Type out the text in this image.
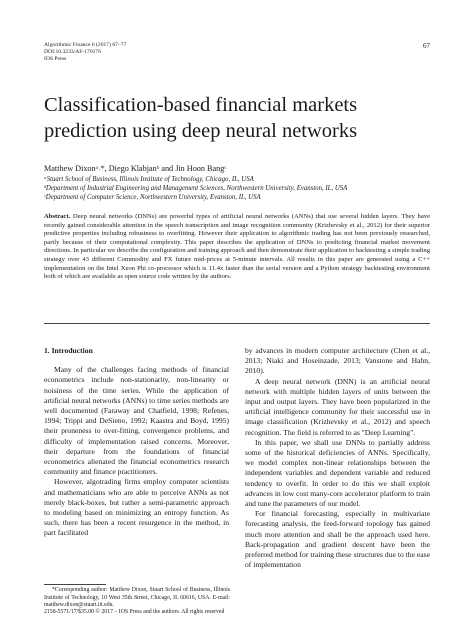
Algorithmic Finance 6 (2017) 67–77
DOI:10.3233/AF-170176
IOS Press
67
Classification-based financial markets prediction using deep neural networks
Matthew Dixonᵃ˒*, Diego Klabjanᵇ and Jin Hoon Bangᶜ
ᵃStuart School of Business, Illinois Institute of Technology, Chicago, IL, USA
ᵇDepartment of Industrial Engineering and Management Sciences, Northwestern University, Evanston, IL, USA
ᶜDepartment of Computer Science, Northwestern University, Evanston, IL, USA

Abstract. Deep neural networks (DNNs) are powerful types of artificial neural networks (ANNs) that use several hidden layers. They have recently gained considerable attention in the speech transcription and image recognition community (Krizhevsky et al., 2012) for their superior predictive properties including robustness to overfitting. However their application to algorithmic trading has not been previously researched, partly because of their computational complexity. This paper describes the application of DNNs to predicting financial market movement directions. In particular we describe the configuration and training approach and then demonstrate their application to backtesting a simple trading strategy over 43 different Commodity and FX future mid-prices at 5-minute intervals. All results in this paper are generated using a C++ implementation on the Intel Xeon Phi co-processor which is 11.4x faster than the serial version and a Python strategy backtesting environment both of which are available as open source code written by the authors.

1. Introduction

Many of the challenges facing methods of financial econometrics include non-stationarity, non-linearity or noisiness of the time series. While the application of artificial neural networks (ANNs) to time series methods are well documented (Faraway and Chatfield, 1998; Refenes, 1994; Trippi and DeSieno, 1992; Kaastra and Boyd, 1995) their proneness to over-fitting, convergence problems, and difficulty of implementation raised concerns. Moreover, their departure from the foundations of financial econometrics alienated the financial econometrics research community and finance practitioners.

However, algotrading firms employ computer scientists and mathematicians who are able to perceive ANNs as not merely black-boxes, but rather a semi-parametric approach to modeling based on minimizing an entropy function. As such, there has been a recent resurgence in the method, in part facilitated

by advances in modern computer architecture (Chen et al., 2013; Niaki and Hoseinzade, 2013; Vanstone and Hahn, 2010).

A deep neural network (DNN) is an artificial neural network with multiple hidden layers of units between the input and output layers. They have been popularized in the artificial intelligence community for their successful use in image classification (Krizhevsky et al., 2012) and speech recognition. The field is referred to as "Deep Learning".

In this paper, we shall use DNNs to partially address some of the historical deficiencies of ANNs. Specifically, we model complex non-linear relationships between the independent variables and dependent variable and reduced tendency to overfit. In order to do this we shall exploit advances in low cost many-core accelerator platform to train and tune the parameters of our model.

For financial forecasting, especially in multivariate forecasting analysis, the feed-forward topology has gained much more attention and shall be the approach used here. Back-propagation and gradient descent have been the preferred method for training these structures due to the ease of implementation

*Corresponding author: Matthew Dixon, Stuart School of Business, Illinois Institute of Technology, 10 West 35th Street, Chicago, IL 60616, USA. E-mail: matthew.dixon@stuart.iit.edu.
2158-5571/17/$35.00 © 2017 – IOS Press and the authors. All rights reserved
